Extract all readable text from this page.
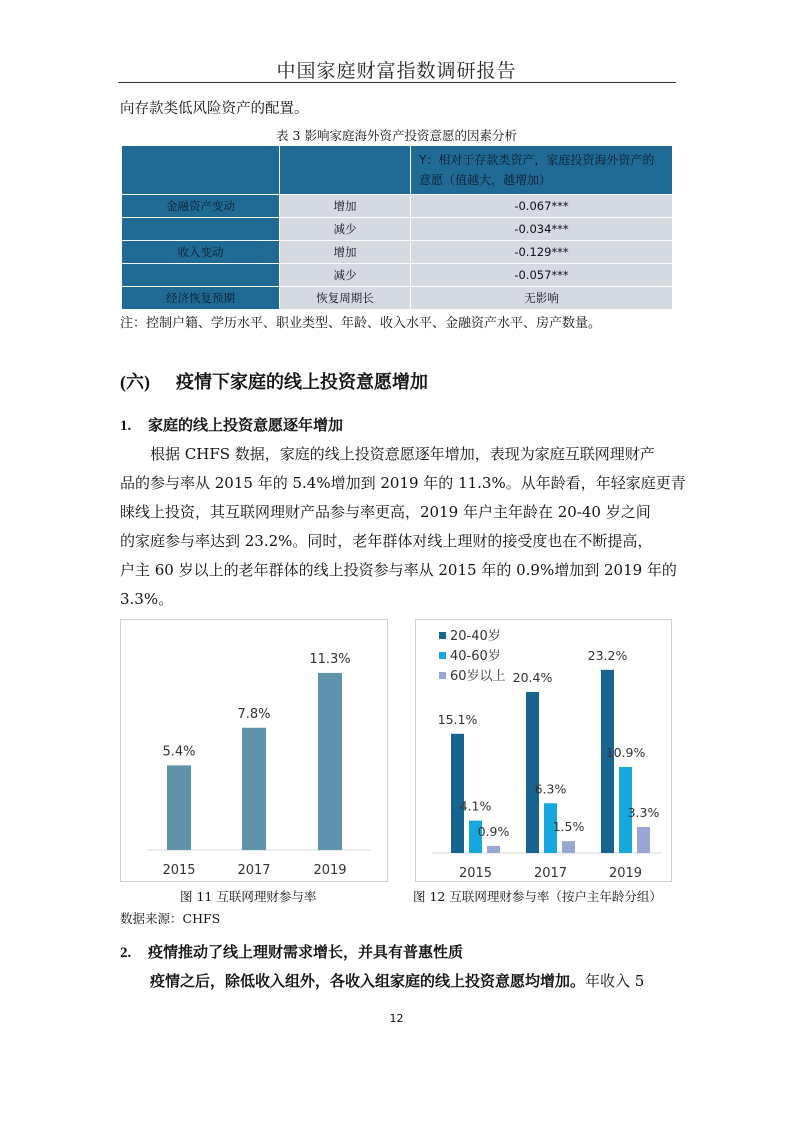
中国家庭财富指数调研报告
向存款类低风险资产的配置。
表 3 影响家庭海外资产投资意愿的因素分析
		Y：相对于存款类资产，家庭投资海外资产的意愿（值越大，越增加）
金融资产变动	增加	-0.067***
	减少	-0.034***
收入变动	增加	-0.129***
	减少	-0.057***
经济恢复预期	恢复周期长	无影响
注：控制户籍、学历水平、职业类型、年龄、收入水平、金融资产水平、房产数量。
(六) 疫情下家庭的线上投资意愿增加
1. 家庭的线上投资意愿逐年增加
根据 CHFS 数据，家庭的线上投资意愿逐年增加，表现为家庭互联网理财产
品的参与率从 2015 年的 5.4%增加到 2019 年的 11.3%。从年龄看，年轻家庭更青
睐线上投资，其互联网理财产品参与率更高，2019 年户主年龄在 20-40 岁之间
的家庭参与率达到 23.2%。同时，老年群体对线上理财的接受度也在不断提高，
户主 60 岁以上的老年群体的线上投资参与率从 2015 年的 0.9%增加到 2019 年的
3.3%。
5.4%
2015
7.8%
2017
11.3%
2019
20-40岁
15.1%
20.4%
23.2%
40-60岁
4.1%
6.3%
10.9%
60岁以上
0.9%	1.5%
3.3%
2015	2017	2019
图 11 互联网理财参与率	图 12 互联网理财参与率（按户主年龄分组）
数据来源：CHFS
2. 疫情推动了线上理财需求增长，并具有普惠性质
疫情之后，除低收入组外，各收入组家庭的线上投资意愿均增加。年收入 5
12
